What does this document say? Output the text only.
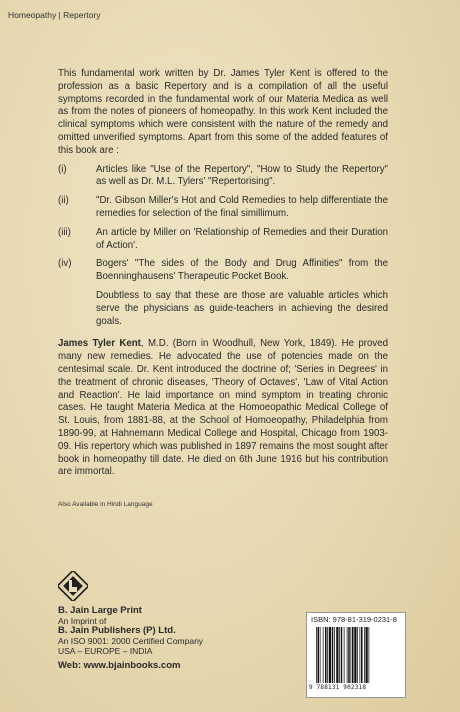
Homeopathy | Repertory

This fundamental work written by Dr. James Tyler Kent is offered to the profession as a basic Repertory and is a compilation of all the useful symptoms recorded in the fundamental work of our Materia Medica as well as from the notes of pioneers of homeopathy. In this work Kent included the clinical symptoms which were consistent with the nature of the remedy and omitted unverified symptoms. Apart from this some of the added features of this book are :

(i)	Articles like "Use of the Repertory", "How to Study the Repertory" as well as Dr. M.L. Tylers' "Repertorising".
(ii)	"Dr. Gibson Miller's Hot and Cold Remedies to help differentiate the remedies for selection of the final simillimum.
(iii)	An article by Miller on 'Relationship of Remedies and their Duration of Action'.
(iv)	Bogers' "The sides of the Body and Drug Affinities" from the Boenninghausens' Therapeutic Pocket Book.

Doubtless to say that these are those are valuable articles which serve the physicians as guide-teachers in achieving the desired goals.

James Tyler Kent, M.D. (Born in Woodhull, New York, 1849). He proved many new remedies. He advocated the use of potencies made on the centesimal scale. Dr. Kent introduced the doctrine of; 'Series in Degrees' in the treatment of chronic diseases, 'Theory of Octaves', 'Law of Vital Action and Reaction'. He laid importance on mind symptom in treating chronic cases. He taught Materia Medica at the Homoeopathic Medical College of St. Louis, from 1881-88, at the School of Homoeopathy, Philadelphia from 1890-99, at Hahnemann Medical College and Hospital, Chicago from 1903-09. His repertory which was published in 1897 remains the most sought after book in homeopathy till date. He died on 6th June 1916 but his contribution are immortal.

Also Available in Hindi Language
B. Jain Large Print
An Imprint of
B. Jain Publishers (P) Ltd.
An ISO 9001: 2000 Certified Company
USA – EUROPE – INDIA
Web: www.bjainbooks.com
ISBN: 978-81-319-0231-8
9 788131 902318
